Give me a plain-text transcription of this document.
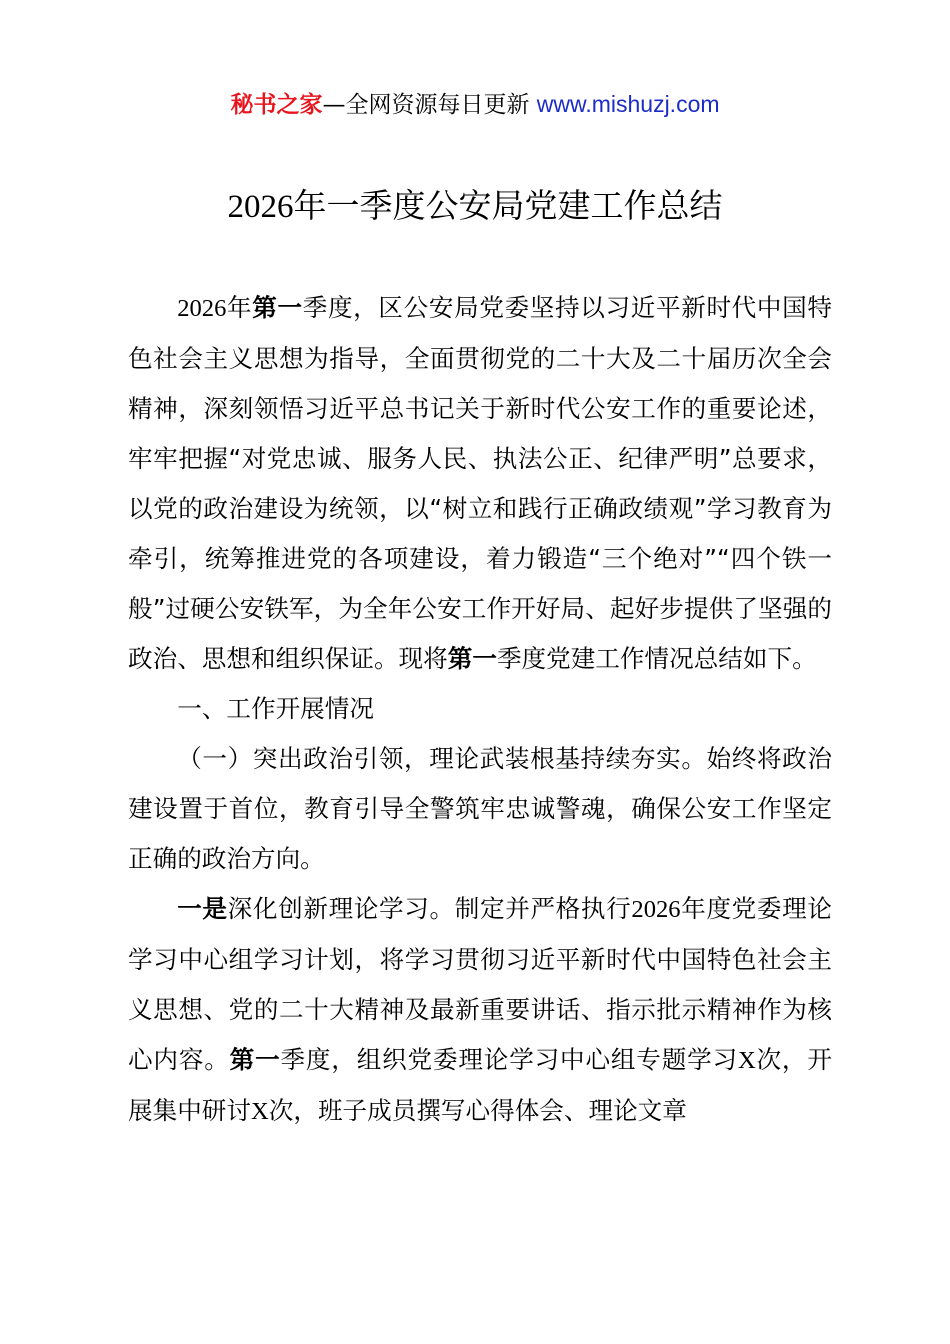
秘书之家—全网资源每日更新 www.mishuzj.com
2026年一季度公安局党建工作总结

2026年第一季度，区公安局党委坚持以习近平新时代中国特色社会主义思想为指导，全面贯彻党的二十大及二十届历次全会精神，深刻领悟习近平总书记关于新时代公安工作的重要论述，牢牢把握“对党忠诚、服务人民、执法公正、纪律严明”总要求，以党的政治建设为统领，以“树立和践行正确政绩观”学习教育为牵引，统筹推进党的各项建设，着力锻造“三个绝对”“四个铁一般”过硬公安铁军，为全年公安工作开好局、起好步提供了坚强的政治、思想和组织保证。现将第一季度党建工作情况总结如下。

一、工作开展情况

（一）突出政治引领，理论武装根基持续夯实。始终将政治建设置于首位，教育引导全警筑牢忠诚警魂，确保公安工作坚定正确的政治方向。

一是深化创新理论学习。制定并严格执行2026年度党委理论学习中心组学习计划，将学习贯彻习近平新时代中国特色社会主义思想、党的二十大精神及最新重要讲话、指示批示精神作为核心内容。第一季度，组织党委理论学习中心组专题学习X次，开展集中研讨X次，班子成员撰写心得体会、理论文章
